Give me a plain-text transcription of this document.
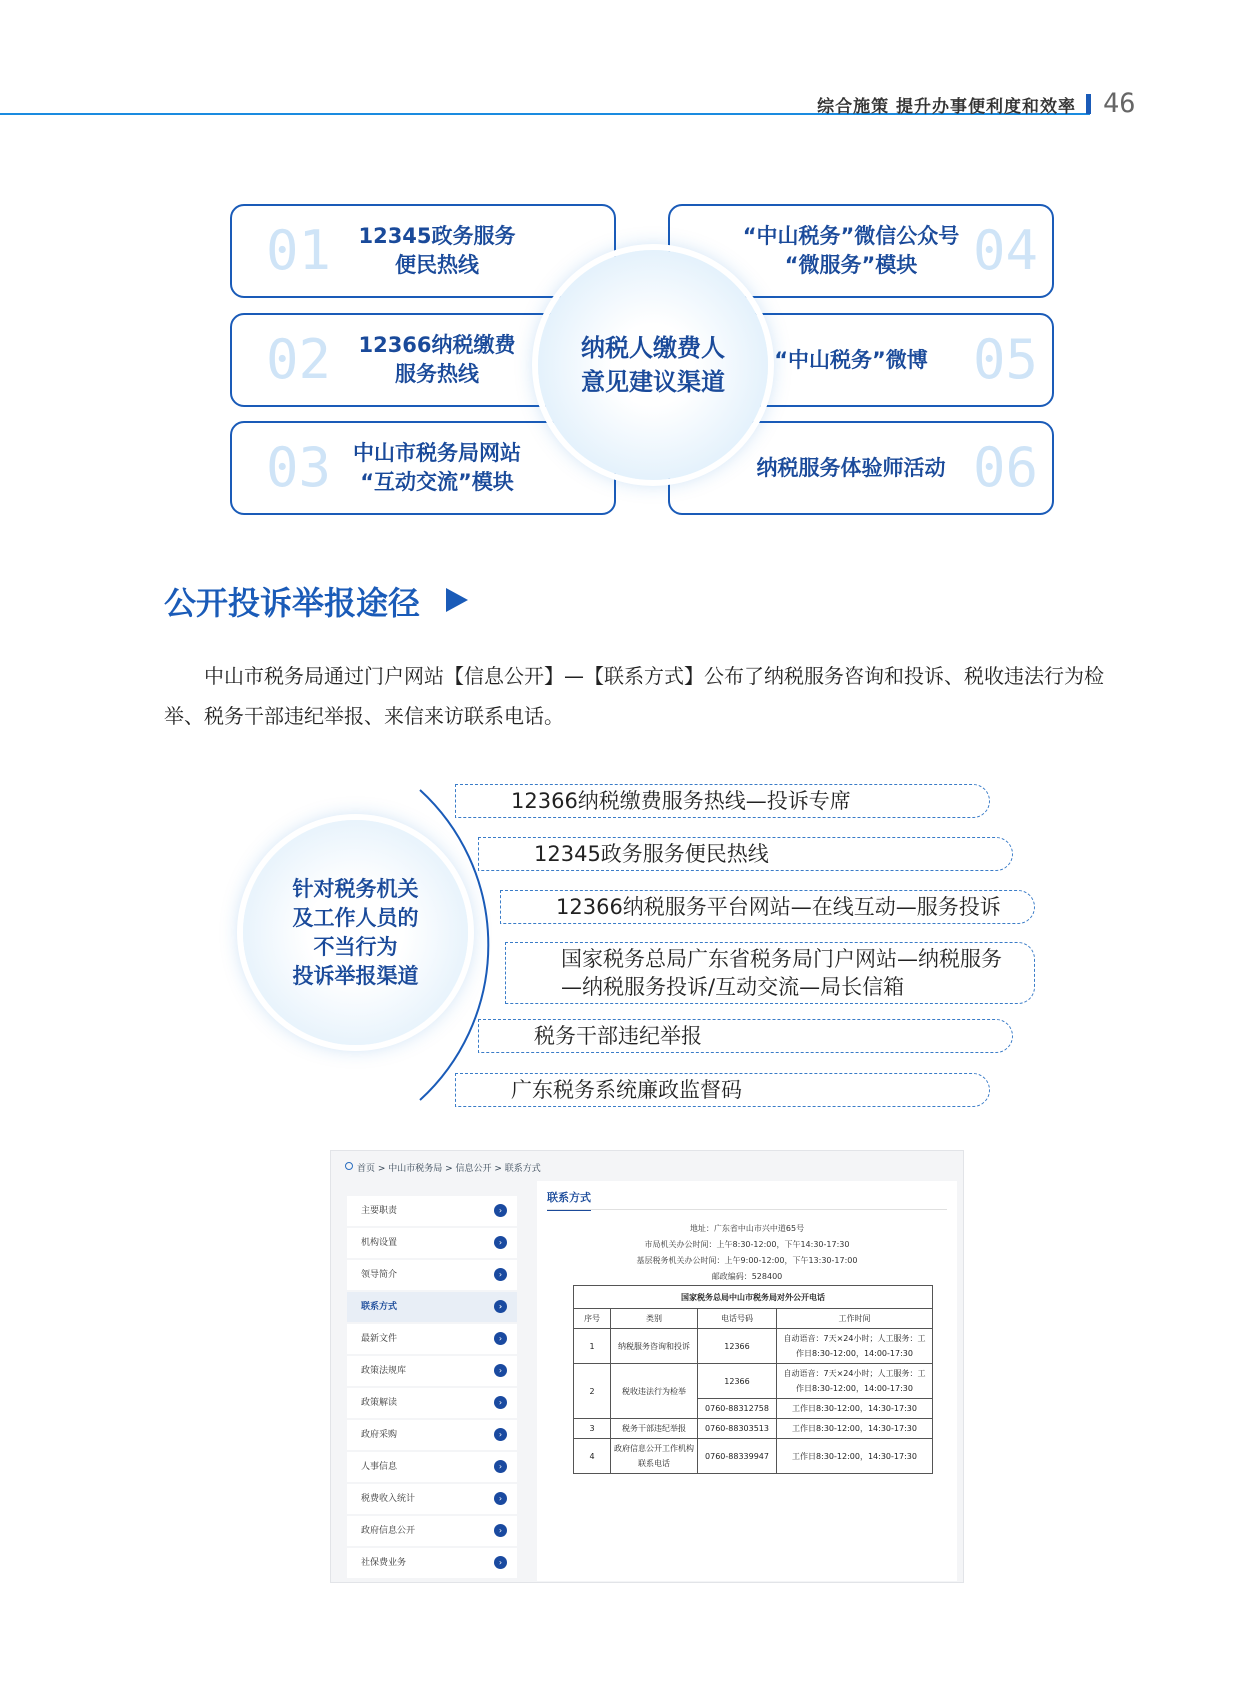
综合施策 提升办事便利度和效率 46
01 12345政务服务
便民热线
02 12366纳税缴费
服务热线
03 中山市税务局网站
“互动交流”模块
“中山税务”微信公众号
“微服务”模块 04
“中山税务”微博 05
纳税服务体验师活动 06
纳税人缴费人
意见建议渠道
公开投诉举报途径
中山市税务局通过门户网站【信息公开】—【联系方式】公布了纳税服务咨询和投诉、税收违法行为检举、税务干部违纪举报、来信来访联系电话。
12366纳税缴费服务热线—投诉专席
12345政务服务便民热线
12366纳税服务平台网站—在线互动—服务投诉
国家税务总局广东省税务局门户网站—纳税服务
—纳税服务投诉/互动交流—局长信箱
税务干部违纪举报
广东税务系统廉政监督码
针对税务机关
及工作人员的
不当行为
投诉举报渠道
首页 > 中山市税务局 > 信息公开 > 联系方式
主要职责	›
机构设置	›
领导简介	›
联系方式	›
最新文件	›
政策法规库	›
政策解读	›
政府采购	›
人事信息	›
税费收入统计	›
政府信息公开	›
社保费业务	›
联系方式
地址：广东省中山市兴中道65号
市局机关办公时间：上午8:30-12:00，下午14:30-17:30
基层税务机关办公时间：上午9:00-12:00，下午13:30-17:00
邮政编码：528400
国家税务总局中山市税务局对外公开电话			
序号	类别	电话号码	工作时间
1	纳税服务咨询和投诉	12366	自动语音：7天×24小时；人工服务：工作日8:30-12:00，14:00-17:30
2	税收违法行为检举	12366	自动语音：7天×24小时；人工服务：工作日8:30-12:00，14:00-17:30
		0760-88312758	工作日8:30-12:00，14:30-17:30
3	税务干部违纪举报	0760-88303513	工作日8:30-12:00，14:30-17:30
4	政府信息公开工作机构联系电话	0760-88339947	工作日8:30-12:00，14:30-17:30
